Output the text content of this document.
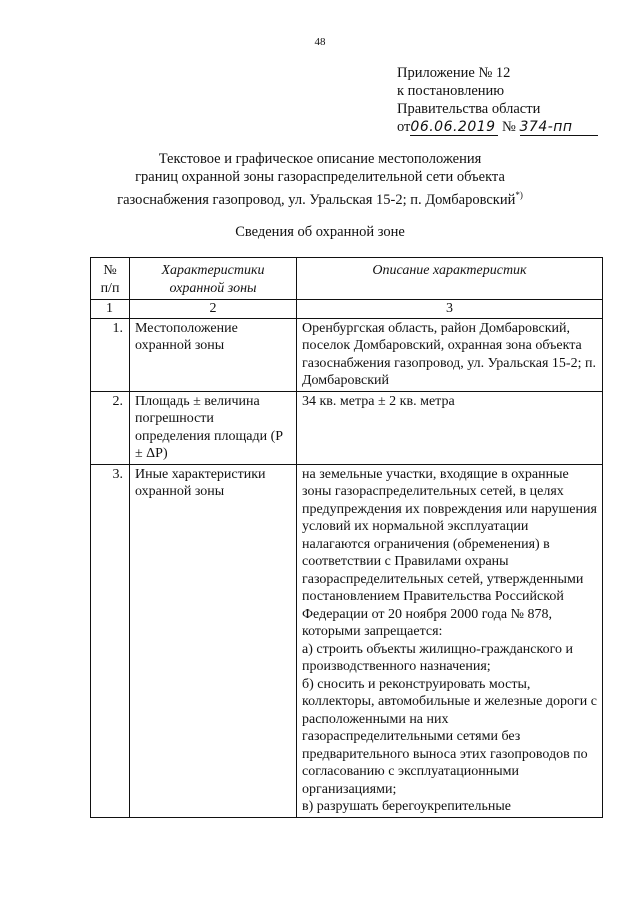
48
Приложение № 12
к постановлению
Правительства области
от06.06.2019 № 374-пп
Текстовое и графическое описание местоположения
границ охранной зоны газораспределительной сети объекта
газоснабжения газопровод, ул. Уральская 15-2; п. Домбаровский*)
Сведения об охранной зоне
№ п/п	Характеристики охранной зоны	Описание характеристик
1	2	3
1.	Местоположение охранной зоны	Оренбургская область, район Домбаровский, поселок Домбаровский, охранная зона объекта газоснабжения газопровод, ул. Уральская 15-2; п. Домбаровский
2.	Площадь ± величина погрешности определения площади (Р ± ΔР)	34 кв. метра ± 2 кв. метра
3.	Иные характеристики охранной зоны	на земельные участки, входящие в охранные зоны газораспределительных сетей, в целях предупреждения их повреждения или нарушения условий их нормальной эксплуатации налагаются ограничения (обременения) в соответствии с Правилами охраны газораспределительных сетей, утвержденными постановлением Правительства Российской Федерации от 20 ноября 2000 года № 878, которыми запрещается:
а) строить объекты жилищно-гражданского и производственного назначения;
б) сносить и реконструировать мосты, коллекторы, автомобильные и железные дороги с расположенными на них газораспределительными сетями без предварительного выноса этих газопроводов по согласованию с эксплуатационными организациями;
в) разрушать берегоукрепительные
